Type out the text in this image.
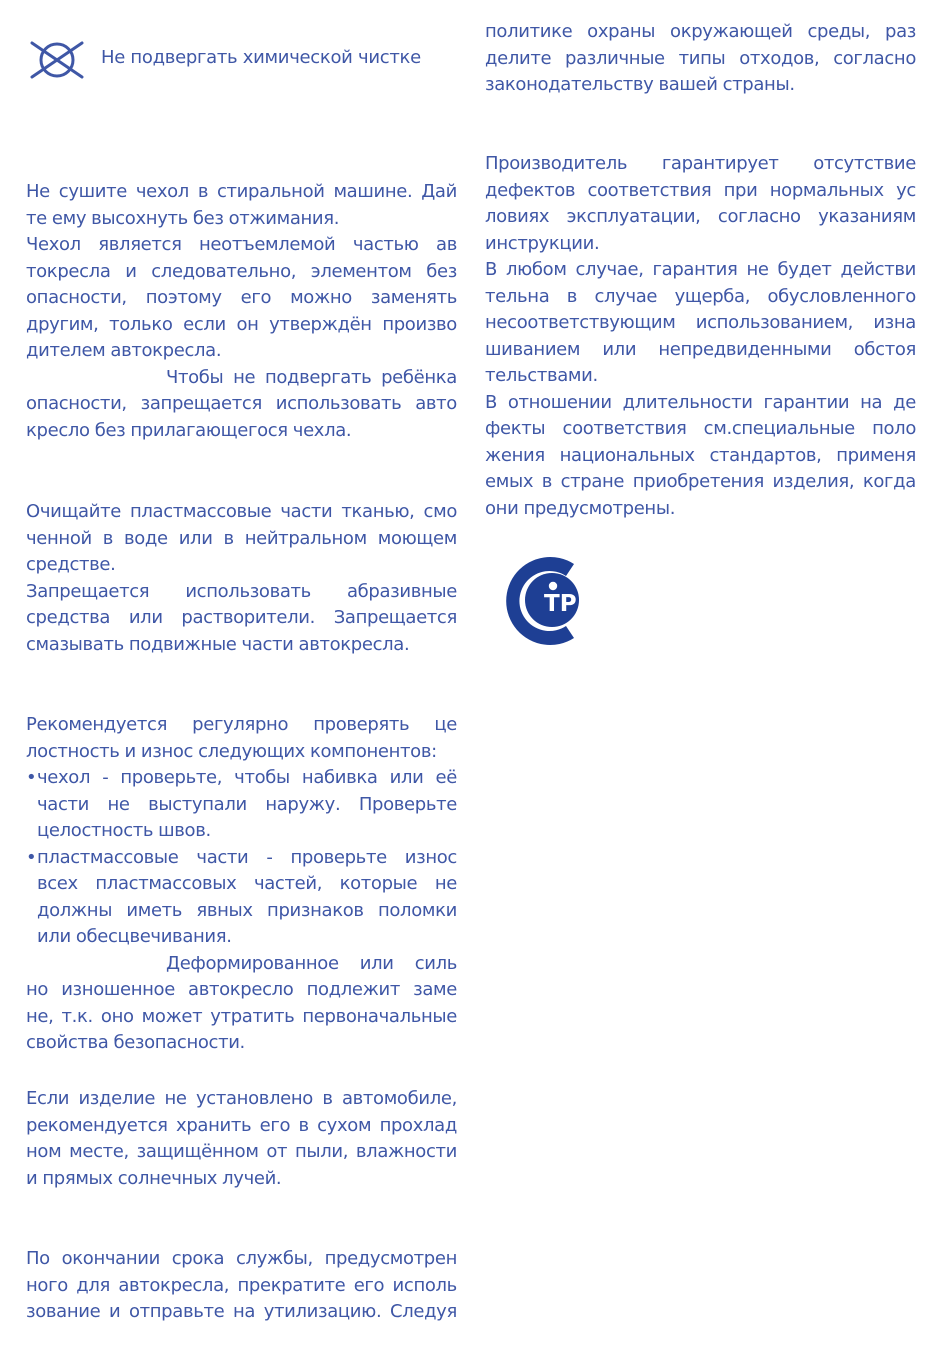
Не подвергать химической чистке
Не сушите чехол в стиральной машине. Дай
те ему высохнуть без отжимания.
Чехол является неотъемлемой частью ав
токресла и следовательно, элементом без
опасности, поэтому его можно заменять
другим, только если он утверждён произво
дителем автокресла.
Чтобы не подвергать ребёнка
опасности, запрещается использовать авто
кресло без прилагающегося чехла.
Очищайте пластмассовые части тканью, смо
ченной в воде или в нейтральном моющем
средстве.
Запрещается использовать абразивные
средства или растворители. Запрещается
смазывать подвижные части автокресла.
Рекомендуется регулярно проверять це
лостность и износ следующих компонентов:
• чехол - проверьте, чтобы набивка или её
части не выступали наружу. Проверьте
целостность швов.
• пластмассовые части - проверьте износ
всех пластмассовых частей, которые не
должны иметь явных признаков поломки
или обесцвечивания.
Деформированное или силь
но изношенное автокресло подлежит заме
не, т.к. оно может утратить первоначальные
свойства безопасности.
Если изделие не установлено в автомобиле,
рекомендуется хранить его в сухом прохлад
ном месте, защищённом от пыли, влажности
и прямых солнечных лучей.
По окончании срока службы, предусмотрен
ного для автокресла, прекратите его исполь
зование и отправьте на утилизацию. Следуя
политике охраны окружающей среды, раз
делите различные типы отходов, согласно
законодательству вашей страны.
Производитель гарантирует отсутствие
дефектов соответствия при нормальных ус
ловиях эксплуатации, согласно указаниям
инструкции.
В любом случае, гарантия не будет действи
тельна в случае ущерба, обусловленного
несоответствующим использованием, изна
шиванием или непредвиденными обстоя
тельствами.
В отношении длительности гарантии на де
фекты соответствия см.специальные поло
жения национальных стандартов, применя
емых в стране приобретения изделия, когда
они предусмотрены.
ТР
